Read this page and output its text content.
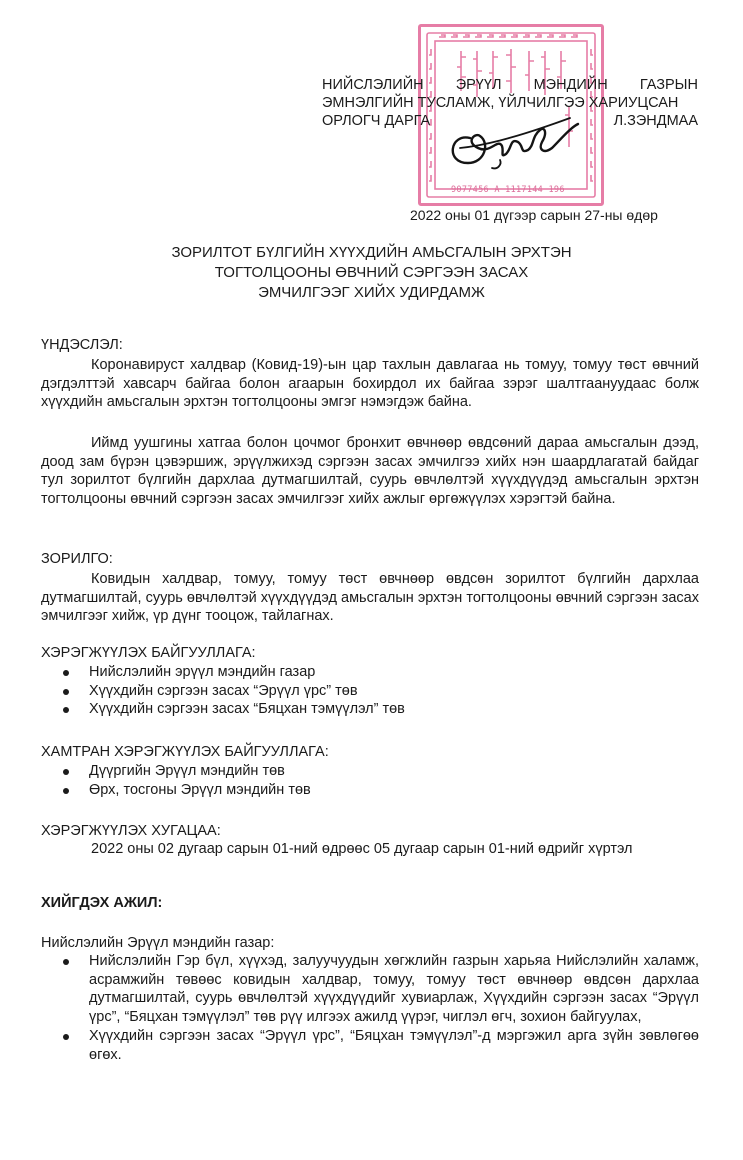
9077456 А 1117144 196
НИЙСЛЭЛИЙН ЭРҮҮЛ МЭНДИЙН ГАЗРЫН
ЭМНЭЛГИЙН ТУСЛАМЖ, ҮЙЛЧИЛГЭЭ ХАРИУЦСАН
ОРЛОГЧ ДАРГА	Л.ЗЭНДМАА
2022 оны 01 дүгээр сарын 27-ны өдөр
ЗОРИЛТОТ БҮЛГИЙН ХҮҮХДИЙН АМЬСГАЛЫН ЭРХТЭН
ТОГТОЛЦООНЫ ӨВЧНИЙ СЭРГЭЭН ЗАСАХ
ЭМЧИЛГЭЭГ ХИЙХ УДИРДАМЖ
ҮНДЭСЛЭЛ:

Коронавируст халдвар (Ковид-19)-ын цар тахлын давлагаа нь томуу, томуу төст өвчний дэгдэлттэй хавсарч байгаа болон агаарын бохирдол их байгаа зэрэг шалтгаануудаас болж хүүхдийн амьсгалын эрхтэн тогтолцооны эмгэг нэмэгдэж байна.

Иймд уушгины хатгаа болон цочмог бронхит өвчнөөр өвдсөний дараа амьсгалын дээд, доод зам бүрэн цэвэршиж, эрүүлжихэд сэргээн засах эмчилгээ хийх нэн шаардлагатай байдаг тул зорилтот бүлгийн дархлаа дутмагшилтай, суурь өвчлөлтэй хүүхдүүдэд амьсгалын эрхтэн тогтолцооны өвчний сэргээн засах эмчилгээг хийх ажлыг өргөжүүлэх хэрэгтэй байна.

ЗОРИЛГО:

Ковидын халдвар, томуу, томуу төст өвчнөөр өвдсөн зорилтот бүлгийн дархлаа дутмагшилтай, суурь өвчлөлтэй хүүхдүүдэд амьсгалын эрхтэн тогтолцооны өвчний сэргээн засах эмчилгээг хийж, үр дүнг тооцож, тайлагнах.

ХЭРЭГЖҮҮЛЭХ БАЙГУУЛЛАГА:
Нийслэлийн эрүүл мэндийн газар
Хүүхдийн сэргээн засах “Эрүүл үрс” төв
Хүүхдийн сэргээн засах “Бяцхан тэмүүлэл” төв
ХАМТРАН ХЭРЭГЖҮҮЛЭХ БАЙГУУЛЛАГА:
Дүүргийн Эрүүл мэндийн төв
Өрх, тосгоны Эрүүл мэндийн төв
ХЭРЭГЖҮҮЛЭХ ХУГАЦАА:

2022 оны 02 дугаар сарын 01-ний өдрөөс 05 дугаар сарын 01-ний өдрийг хүртэл

ХИЙГДЭХ АЖИЛ:
Нийслэлийн Эрүүл мэндийн газар:
Нийслэлийн Гэр бүл, хүүхэд, залуучуудын хөгжлийн газрын харьяа Нийслэлийн халамж, асрамжийн төвөөс ковидын халдвар, томуу, томуу төст өвчнөөр өвдсөн дархлаа дутмагшилтай, суурь өвчлөлтэй хүүхдүүдийг хувиарлаж, Хүүхдийн сэргээн засах “Эрүүл үрс”, “Бяцхан тэмүүлэл” төв рүү илгээх ажилд үүрэг, чиглэл өгч, зохион байгуулах,
Хүүхдийн сэргээн засах “Эрүүл үрс”, “Бяцхан тэмүүлэл”-д мэргэжил арга зүйн зөвлөгөө өгөх.
